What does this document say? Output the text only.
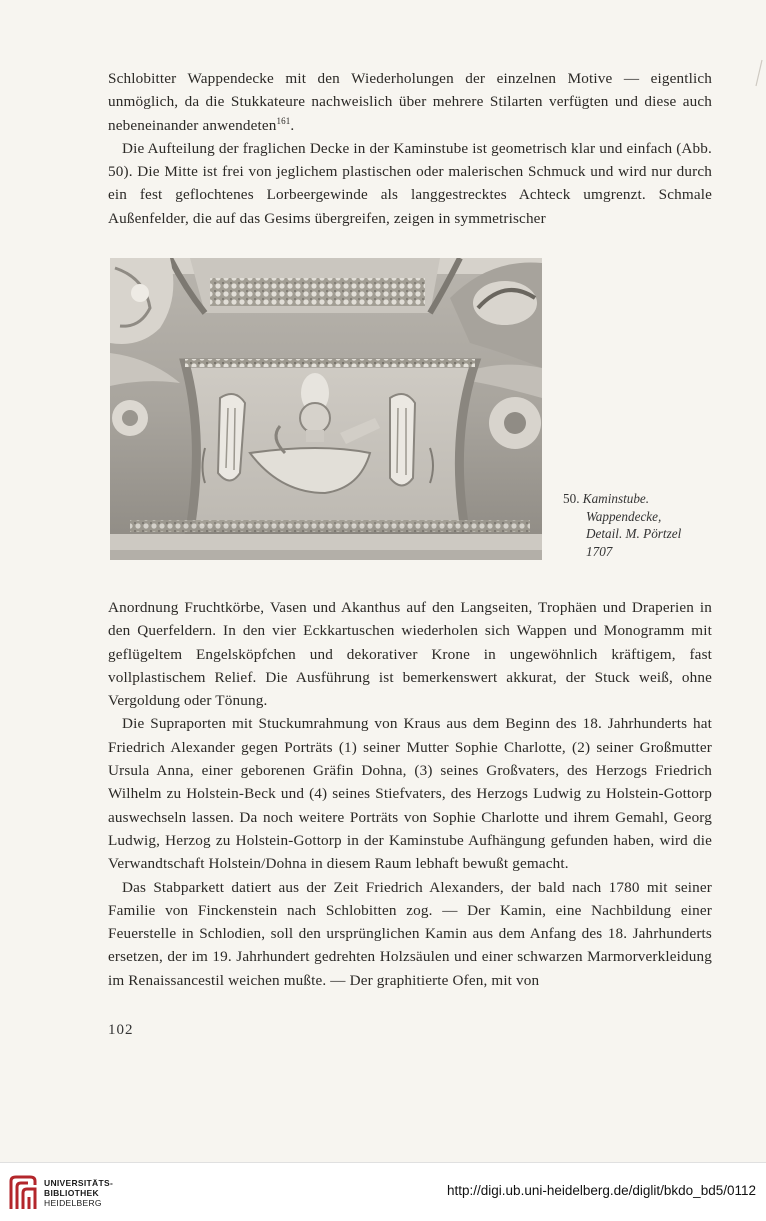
Schlobitter Wappendecke mit den Wiederholungen der einzelnen Motive — eigentlich unmöglich, da die Stukkateure nachweislich über mehrere Stilarten verfügten und diese auch nebeneinander anwendeten$^{161}$.

Die Aufteilung der fraglichen Decke in der Kaminstube ist geometrisch klar und einfach (Abb. 50). Die Mitte ist frei von jeglichem plastischen oder malerischen Schmuck und wird nur durch ein fest geflochtenes Lorbeergewinde als langgestrecktes Achteck umgrenzt. Schmale Außenfelder, die auf das Gesims übergreifen, zeigen in symmetrischer

50. Kaminstube.
Wappendecke,
Detail. M. Pörtzel
1707

Anordnung Fruchtkörbe, Vasen und Akanthus auf den Langseiten, Trophäen und Draperien in den Querfeldern. In den vier Eckkartuschen wiederholen sich Wappen und Monogramm mit geflügeltem Engelsköpfchen und dekorativer Krone in ungewöhnlich kräftigem, fast vollplastischem Relief. Die Ausführung ist bemerkenswert akkurat, der Stuck weiß, ohne Vergoldung oder Tönung.

Die Supraporten mit Stuckumrahmung von Kraus aus dem Beginn des 18. Jahrhunderts hat Friedrich Alexander gegen Porträts (1) seiner Mutter Sophie Charlotte, (2) seiner Großmutter Ursula Anna, einer geborenen Gräfin Dohna, (3) seines Großvaters, des Herzogs Friedrich Wilhelm zu Holstein-Beck und (4) seines Stiefvaters, des Herzogs Ludwig zu Holstein-Gottorp auswechseln lassen. Da noch weitere Porträts von Sophie Charlotte und ihrem Gemahl, Georg Ludwig, Herzog zu Holstein-Gottorp in der Kaminstube Aufhängung gefunden haben, wird die Verwandtschaft Holstein/Dohna in diesem Raum lebhaft bewußt gemacht.

Das Stabparkett datiert aus der Zeit Friedrich Alexanders, der bald nach 1780 mit seiner Familie von Finckenstein nach Schlobitten zog. — Der Kamin, eine Nachbildung einer Feuerstelle in Schlodien, soll den ursprünglichen Kamin aus dem Anfang des 18. Jahrhunderts ersetzen, der im 19. Jahrhundert gedrehten Holzsäulen und einer schwarzen Marmorverkleidung im Renaissancestil weichen mußte. — Der graphitierte Ofen, mit von

102
UNIVERSITÄTS-
BIBLIOTHEK
HEIDELBERG
http://digi.ub.uni-heidelberg.de/diglit/bkdo_bd5/0112
